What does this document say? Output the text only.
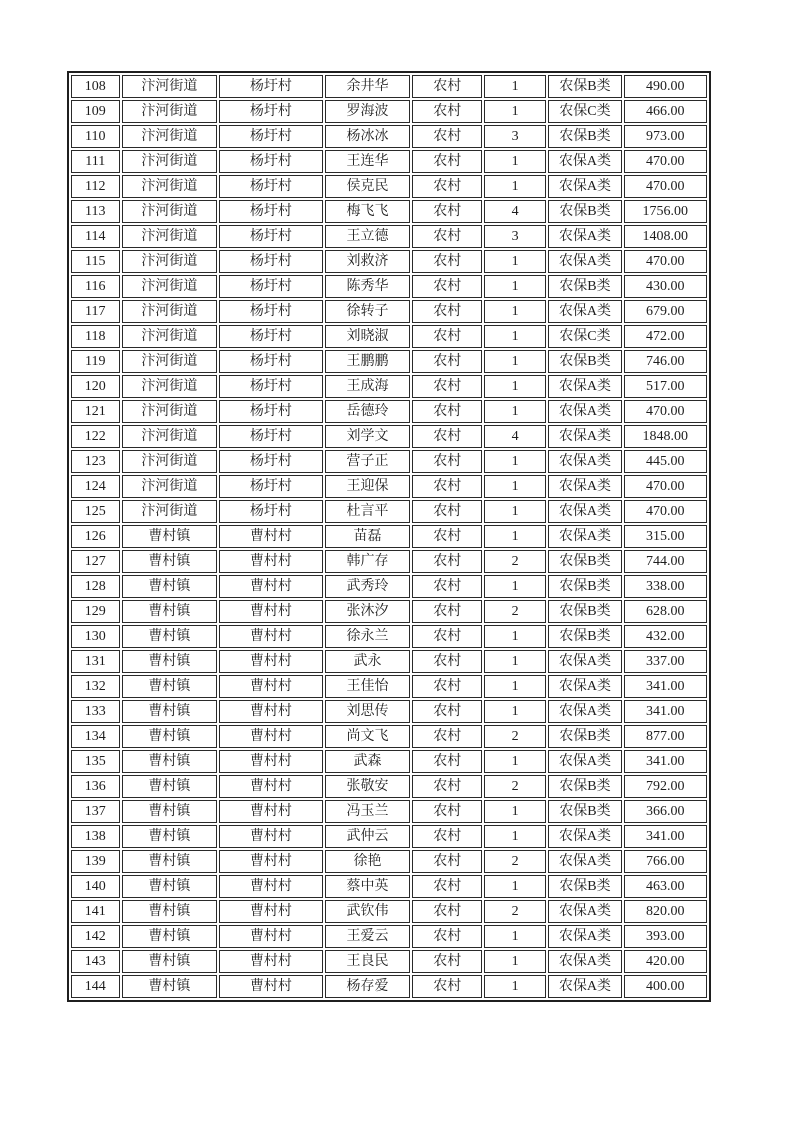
108	汴河街道	杨圩村	余井华	农村	1	农保B类	490.00
109	汴河街道	杨圩村	罗海波	农村	1	农保C类	466.00
110	汴河街道	杨圩村	杨冰冰	农村	3	农保B类	973.00
111	汴河街道	杨圩村	王连华	农村	1	农保A类	470.00
112	汴河街道	杨圩村	侯克民	农村	1	农保A类	470.00
113	汴河街道	杨圩村	梅飞飞	农村	4	农保B类	1756.00
114	汴河街道	杨圩村	王立德	农村	3	农保A类	1408.00
115	汴河街道	杨圩村	刘救济	农村	1	农保A类	470.00
116	汴河街道	杨圩村	陈秀华	农村	1	农保B类	430.00
117	汴河街道	杨圩村	徐转子	农村	1	农保A类	679.00
118	汴河街道	杨圩村	刘晓淑	农村	1	农保C类	472.00
119	汴河街道	杨圩村	王鹏鹏	农村	1	农保B类	746.00
120	汴河街道	杨圩村	王成海	农村	1	农保A类	517.00
121	汴河街道	杨圩村	岳德玲	农村	1	农保A类	470.00
122	汴河街道	杨圩村	刘学文	农村	4	农保A类	1848.00
123	汴河街道	杨圩村	营子正	农村	1	农保A类	445.00
124	汴河街道	杨圩村	王迎保	农村	1	农保A类	470.00
125	汴河街道	杨圩村	杜言平	农村	1	农保A类	470.00
126	曹村镇	曹村村	苗磊	农村	1	农保A类	315.00
127	曹村镇	曹村村	韩广存	农村	2	农保B类	744.00
128	曹村镇	曹村村	武秀玲	农村	1	农保B类	338.00
129	曹村镇	曹村村	张沐汐	农村	2	农保B类	628.00
130	曹村镇	曹村村	徐永兰	农村	1	农保B类	432.00
131	曹村镇	曹村村	武永	农村	1	农保A类	337.00
132	曹村镇	曹村村	王佳怡	农村	1	农保A类	341.00
133	曹村镇	曹村村	刘思传	农村	1	农保A类	341.00
134	曹村镇	曹村村	尚文飞	农村	2	农保B类	877.00
135	曹村镇	曹村村	武森	农村	1	农保A类	341.00
136	曹村镇	曹村村	张敬安	农村	2	农保B类	792.00
137	曹村镇	曹村村	冯玉兰	农村	1	农保B类	366.00
138	曹村镇	曹村村	武仲云	农村	1	农保A类	341.00
139	曹村镇	曹村村	徐艳	农村	2	农保A类	766.00
140	曹村镇	曹村村	蔡中英	农村	1	农保B类	463.00
141	曹村镇	曹村村	武钦伟	农村	2	农保A类	820.00
142	曹村镇	曹村村	王爱云	农村	1	农保A类	393.00
143	曹村镇	曹村村	王良民	农村	1	农保A类	420.00
144	曹村镇	曹村村	杨存爱	农村	1	农保A类	400.00
